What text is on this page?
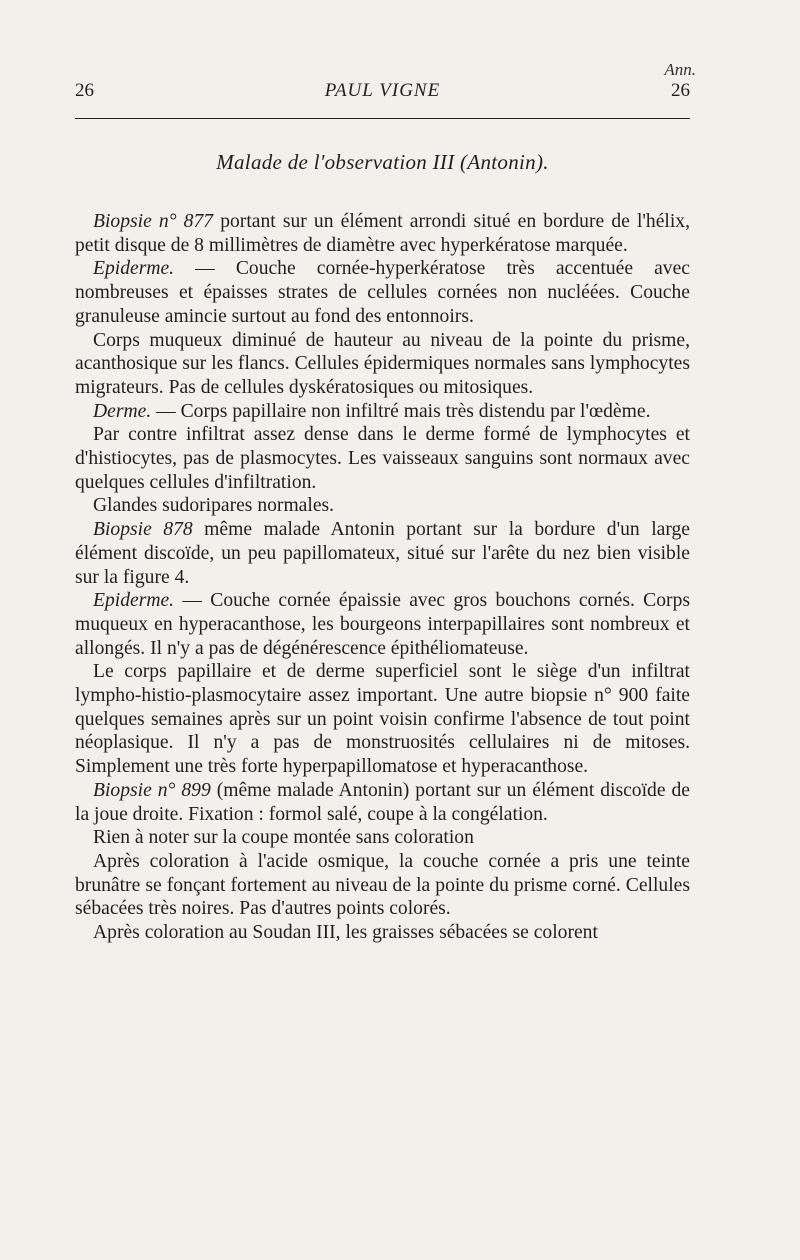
Ann.
26	PAUL VIGNE	26
Malade de l'observation III (Antonin).

Biopsie n° 877 portant sur un élément arrondi situé en bordure de l'hélix, petit disque de 8 millimètres de diamètre avec hyperkératose marquée.

Epiderme. — Couche cornée-hyperkératose très accentuée avec nombreuses et épaisses strates de cellules cornées non nucléées. Couche granuleuse amincie surtout au fond des entonnoirs.

Corps muqueux diminué de hauteur au niveau de la pointe du prisme, acanthosique sur les flancs. Cellules épidermiques normales sans lymphocytes migrateurs. Pas de cellules dyskératosiques ou mitosiques.

Derme. — Corps papillaire non infiltré mais très distendu par l'œdème.

Par contre infiltrat assez dense dans le derme formé de lymphocytes et d'histiocytes, pas de plasmocytes. Les vaisseaux sanguins sont normaux avec quelques cellules d'infiltration.

Glandes sudoripares normales.

Biopsie 878 même malade Antonin portant sur la bordure d'un large élément discoïde, un peu papillomateux, situé sur l'arête du nez bien visible sur la figure 4.

Epiderme. — Couche cornée épaissie avec gros bouchons cornés. Corps muqueux en hyperacanthose, les bourgeons interpapillaires sont nombreux et allongés. Il n'y a pas de dégénérescence épithéliomateuse.

Le corps papillaire et de derme superficiel sont le siège d'un infiltrat lympho-histio-plasmocytaire assez important. Une autre biopsie n° 900 faite quelques semaines après sur un point voisin confirme l'absence de tout point néoplasique. Il n'y a pas de monstruosités cellulaires ni de mitoses. Simplement une très forte hyperpapillomatose et hyperacanthose.

Biopsie n° 899 (même malade Antonin) portant sur un élément discoïde de la joue droite. Fixation : formol salé, coupe à la congélation.

Rien à noter sur la coupe montée sans coloration

Après coloration à l'acide osmique, la couche cornée a pris une teinte brunâtre se fonçant fortement au niveau de la pointe du prisme corné. Cellules sébacées très noires. Pas d'autres points colorés.

Après coloration au Soudan III, les graisses sébacées se colorent
